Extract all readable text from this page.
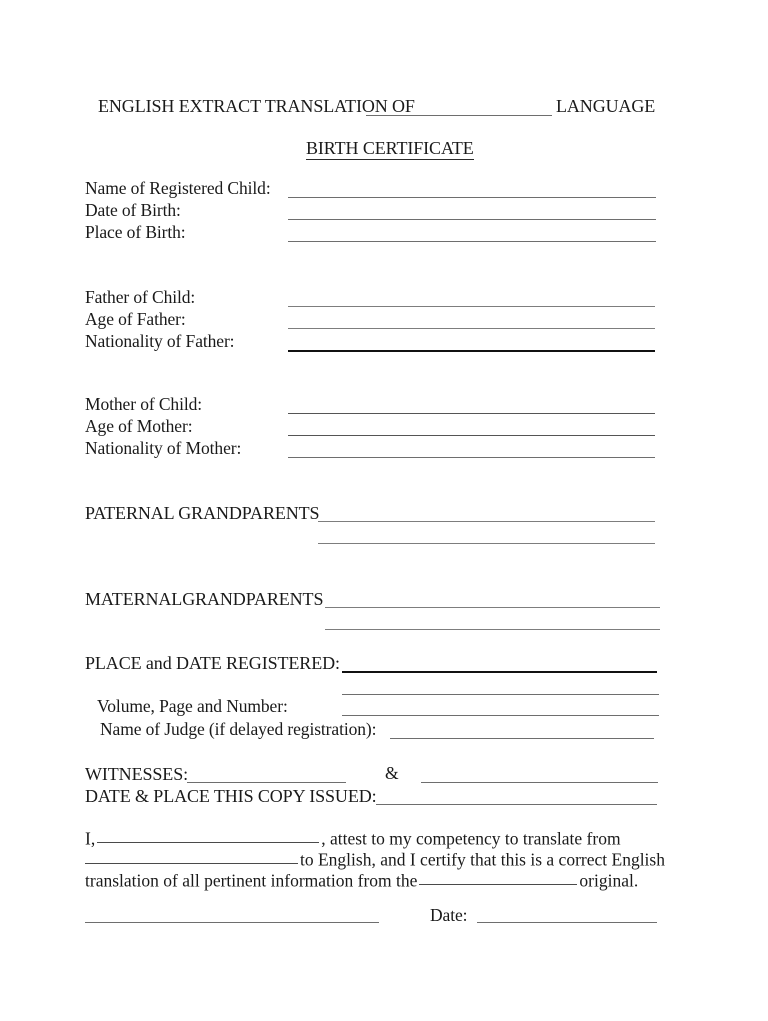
ENGLISH EXTRACT TRANSLATION OF	LANGUAGE
BIRTH CERTIFICATE
Name of Registered Child:
Date of Birth:
Place of Birth:
Father of Child:
Age of Father:
Nationality of Father:
Mother of Child:
Age of Mother:
Nationality of Mother:
PATERNAL GRANDPARENTS
MATERNALGRANDPARENTS
PLACE and DATE REGISTERED:
Volume, Page and Number:
Name of Judge (if delayed registration):
WITNESSES:	&
DATE & PLACE THIS COPY ISSUED:
I,	, attest to my competency to translate from
to English, and I certify that this is a correct English
translation of all pertinent information from the	original.
Date:
